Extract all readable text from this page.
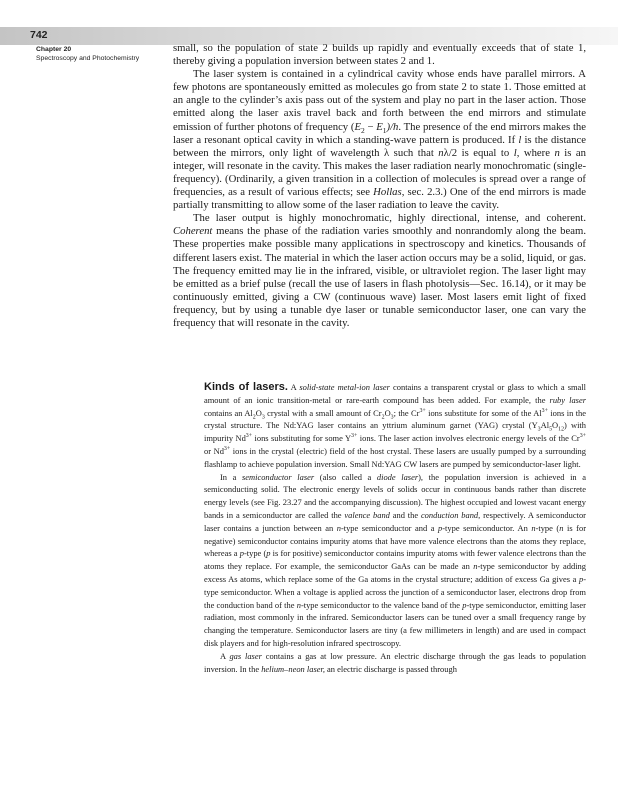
742
Chapter 20
Spectroscopy and Photochemistry

small, so the population of state 2 builds up rapidly and eventually exceeds that of state 1, thereby giving a population inversion between states 2 and 1.

The laser system is contained in a cylindrical cavity whose ends have parallel mirrors. A few photons are spontaneously emitted as molecules go from state 2 to state 1. Those emitted at an angle to the cylinder’s axis pass out of the system and play no part in the laser action. Those emitted along the laser axis travel back and forth between the end mirrors and stimulate emission of further photons of frequency $(E_2 - E_1)/h$. The presence of the end mirrors makes the laser a resonant optical cavity in which a standing-wave pattern is produced. If l is the distance between the mirrors, only light of wavelength λ such that nλ/2 is equal to l, where n is an integer, will resonate in the cavity. This makes the laser radiation nearly monochromatic (single-frequency). (Ordinarily, a given transition in a collection of molecules is spread over a range of frequencies, as a result of various effects; see Hollas, sec. 2.3.) One of the end mirrors is made partially transmitting to allow some of the laser radiation to leave the cavity.

The laser output is highly monochromatic, highly directional, intense, and coherent. Coherent means the phase of the radiation varies smoothly and nonrandomly along the beam. These properties make possible many applications in spectroscopy and kinetics. Thousands of different lasers exist. The material in which the laser action occurs may be a solid, liquid, or gas. The frequency emitted may lie in the infrared, visible, or ultraviolet region. The laser light may be emitted as a brief pulse (recall the use of lasers in flash photolysis—Sec. 16.14), or it may be continuously emitted, giving a CW (continuous wave) laser. Most lasers emit light of fixed frequency, but by using a tunable dye laser or tunable semiconductor laser, one can vary the frequency that will resonate in the cavity.

Kinds of lasers. A solid-state metal-ion laser contains a transparent crystal or glass to which a small amount of an ionic transition-metal or rare-earth compound has been added. For example, the ruby laser contains an $Al_2O_3$ crystal with a small amount of $Cr_2O_3$; the $Cr^{3+}$ ions substitute for some of the $Al^{3+}$ ions in the crystal structure. The Nd:YAG laser contains an yttrium aluminum garnet (YAG) crystal $(Y_3Al_5O_{12})$ with impurity $Nd^{3+}$ ions substituting for some $Y^{3+}$ ions. The laser action involves electronic energy levels of the $Cr^{3+}$ or $Nd^{3+}$ ions in the crystal (electric) field of the host crystal. These lasers are usually pumped by a surrounding flashlamp to achieve population inversion. Small Nd:YAG CW lasers are pumped by semiconductor-laser light.

In a semiconductor laser (also called a diode laser), the population inversion is achieved in a semiconducting solid. The electronic energy levels of solids occur in continuous bands rather than discrete energy levels (see Fig. 23.27 and the accompanying discussion). The highest occupied and lowest vacant energy bands in a semiconductor are called the valence band and the conduction band, respectively. A semiconductor laser contains a junction between an n-type semiconductor and a p-type semiconductor. An n-type (n is for negative) semiconductor contains impurity atoms that have more valence electrons than the atoms they replace, whereas a p-type (p is for positive) semiconductor contains impurity atoms with fewer valence electrons than the atoms they replace. For example, the semiconductor GaAs can be made an n-type semiconductor by adding excess As atoms, which replace some of the Ga atoms in the crystal structure; addition of excess Ga gives a p-type semiconductor. When a voltage is applied across the junction of a semiconductor laser, electrons drop from the conduction band of the n-type semiconductor to the valence band of the p-type semiconductor, emitting laser radiation, most commonly in the infrared. Semiconductor lasers can be tuned over a small frequency range by changing the temperature. Semiconductor lasers are tiny (a few millimeters in length) and are used in compact disk players and for high-resolution infrared spectroscopy.

A gas laser contains a gas at low pressure. An electric discharge through the gas leads to population inversion. In the helium–neon laser, an electric discharge is passed through
